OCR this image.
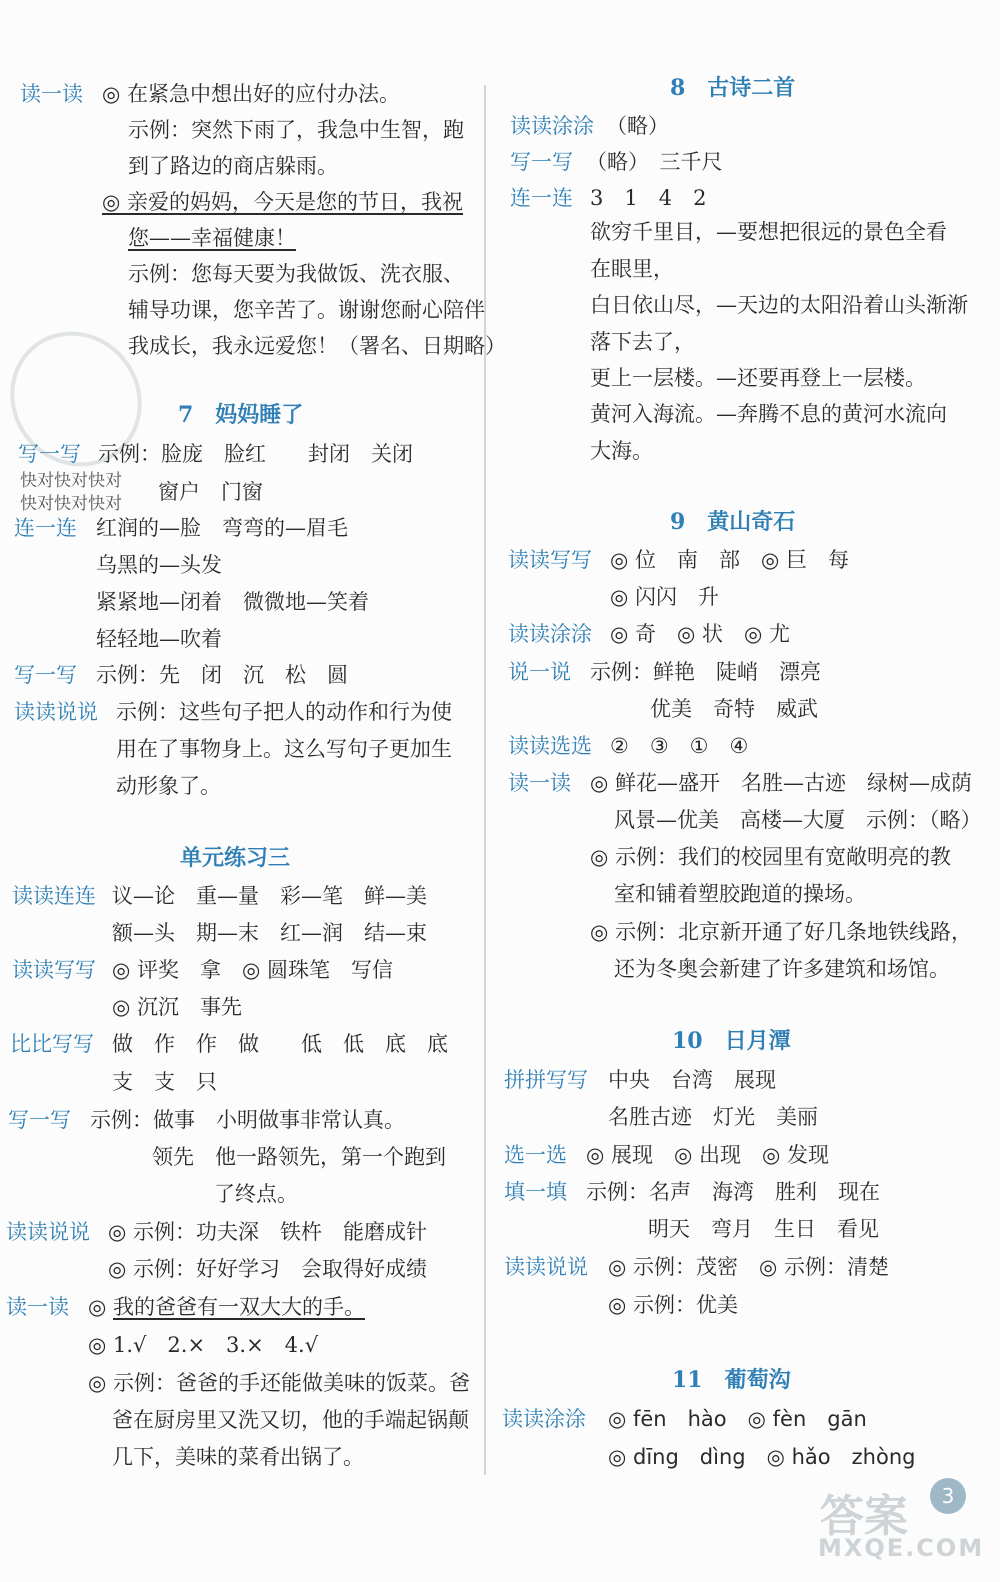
读一读 ◎ 在紧急中想出好的应付办法。
示例：突然下雨了，我急中生智，跑
到了路边的商店躲雨。
◎ 亲爱的妈妈，今天是您的节日，我祝
您——幸福健康！
示例：您每天要为我做饭、洗衣服、
辅导功课，您辛苦了。谢谢您耐心陪伴
我成长，我永远爱您！（署名、日期略）
7　妈妈睡了
写一写 示例：脸庞　脸红　　封闭　关闭
快对快对快对
快对快对快对 窗户　门窗
连一连 红润的—脸　弯弯的—眉毛
乌黑的—头发
紧紧地—闭着　微微地—笑着
轻轻地—吹着
写一写 示例：先　闭　沉　松　圆
读读说说 示例：这些句子把人的动作和行为使
用在了事物身上。这么写句子更加生
动形象了。
单元练习三
读读连连 议—论　重—量　彩—笔　鲜—美
额—头　期—末　红—润　结—束
读读写写 ◎ 评奖　拿　◎ 圆珠笔　写信
◎ 沉沉　事先
比比写写 做　作　作　做　　低　低　底　底
支　支　只
写一写 示例：做事　小明做事非常认真。
领先　他一路领先，第一个跑到
了终点。
读读说说 ◎ 示例：功夫深　铁杵　能磨成针
◎ 示例：好好学习　会取得好成绩
读一读 ◎ 我的爸爸有一双大大的手。
◎ 1.√　2.×　3.×　4.√
◎ 示例：爸爸的手还能做美味的饭菜。爸
爸在厨房里又洗又切，他的手端起锅颠
几下，美味的菜肴出锅了。
8　古诗二首
读读涂涂 （略）
写一写 （略）　三千尺
连一连 3　1　4　2
欲穷千里目，—要想把很远的景色全看
在眼里，
白日依山尽，—天边的太阳沿着山头渐渐
落下去了，
更上一层楼。—还要再登上一层楼。
黄河入海流。—奔腾不息的黄河水流向
大海。
9　黄山奇石
读读写写 ◎ 位　南　部　◎ 巨　每
◎ 闪闪　升
读读涂涂 ◎ 奇　◎ 状　◎ 尤
说一说 示例：鲜艳　陡峭　漂亮
优美　奇特　威武
读读选选 ②　③　①　④
读一读 ◎ 鲜花—盛开　名胜—古迹　绿树—成荫
风景—优美　高楼—大厦　示例：（略）
◎ 示例：我们的校园里有宽敞明亮的教
室和铺着塑胶跑道的操场。
◎ 示例：北京新开通了好几条地铁线路，
还为冬奥会新建了许多建筑和场馆。
10　日月潭
拼拼写写 中央　台湾　展现
名胜古迹　灯光　美丽
选一选 ◎ 展现　◎ 出现　◎ 发现
填一填 示例：名声　海湾　胜利　现在
明天　弯月　生日　看见
读读说说 ◎ 示例：茂密　◎ 示例：清楚
◎ 示例：优美
11　葡萄沟
读读涂涂 ◎ fēn　hào　◎ fèn　gān
◎ dīng　dìng　◎ hǎo　zhòng
答案
MXQE.COM
3
